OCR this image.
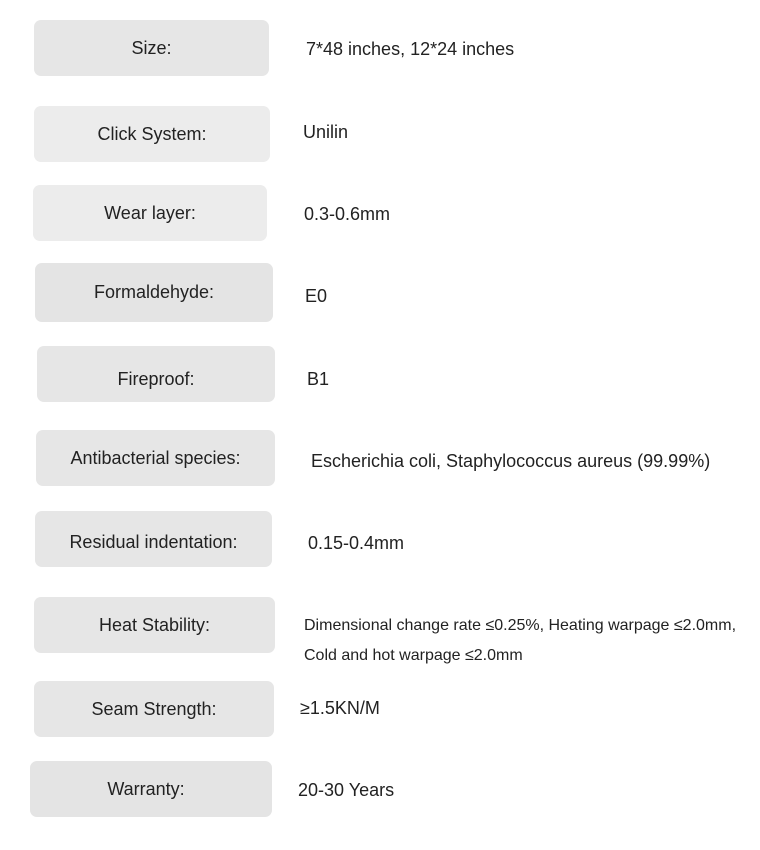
Size:	7*48 inches, 12*24 inches
Click System:	Unilin
Wear layer:	0.3-0.6mm
Formaldehyde:	E0
Fireproof:	B1
Antibacterial species:	Escherichia coli, Staphylococcus aureus (99.99%)
Residual indentation:	0.15-0.4mm
Heat Stability:	Dimensional change rate ≤0.25%, Heating warpage ≤2.0mm,
Cold and hot warpage ≤2.0mm
Seam Strength:	≥1.5KN/M
Warranty:	20-30 Years
